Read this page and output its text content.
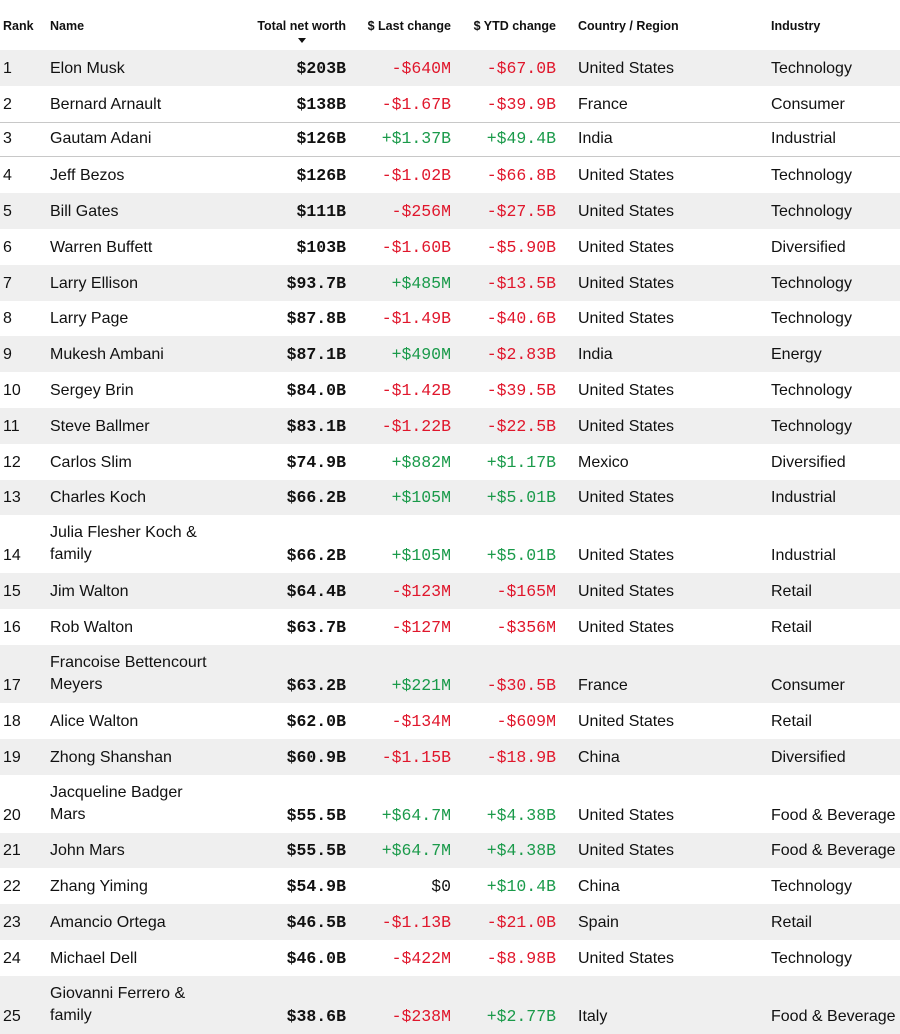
Rank Name	Total net worth $ Last change $ YTD change Country / Region	Industry
1 Elon Musk	$203B	-$640M -$67.0B United States	Technology
2 Bernard Arnault	$138B -$1.67B -$39.9B France	Consumer
3 Gautam Adani	$126B +$1.37B +$49.4B India	Industrial
4 Jeff Bezos	$126B -$1.02B -$66.8B United States	Technology
5 Bill Gates	$111B	-$256M -$27.5B United States	Technology
6 Warren Buffett	$103B -$1.60B -$5.90B United States	Diversified
7 Larry Ellison	$93.7B	+$485M -$13.5B United States	Technology
8 Larry Page	$87.8B -$1.49B -$40.6B United States	Technology
9 Mukesh Ambani	$87.1B	+$490M -$2.83B India	Energy
10 Sergey Brin	$84.0B -$1.42B -$39.5B United States	Technology
11 Steve Ballmer	$83.1B -$1.22B -$22.5B United States	Technology
12 Carlos Slim	$74.9B	+$882M +$1.17B Mexico	Diversified
13 Charles Koch	$66.2B	+$105M +$5.01B United States	Industrial
14
Julia Flesher Koch &
family	$66.2B	+$105M +$5.01B United States	Industrial
15 Jim Walton	$64.4B	-$123M	-$165M United States	Retail
16 Rob Walton	$63.7B	-$127M	-$356M United States	Retail
17
Francoise Bettencourt
Meyers	$63.2B	+$221M -$30.5B France	Consumer
18 Alice Walton	$62.0B	-$134M	-$609M United States	Retail
19 Zhong Shanshan	$60.9B -$1.15B -$18.9B China	Diversified
20
Jacqueline Badger
Mars	$55.5B +$64.7M +$4.38B United States	Food & Beverage
21 John Mars	$55.5B +$64.7M +$4.38B United States	Food & Beverage
22 Zhang Yiming	$54.9B	$0 +$10.4B China	Technology
23 Amancio Ortega	$46.5B -$1.13B -$21.0B Spain	Retail
24 Michael Dell	$46.0B	-$422M -$8.98B United States	Technology
25
Giovanni Ferrero &
family	$38.6B	-$238M +$2.77B Italy	Food & Beverage
